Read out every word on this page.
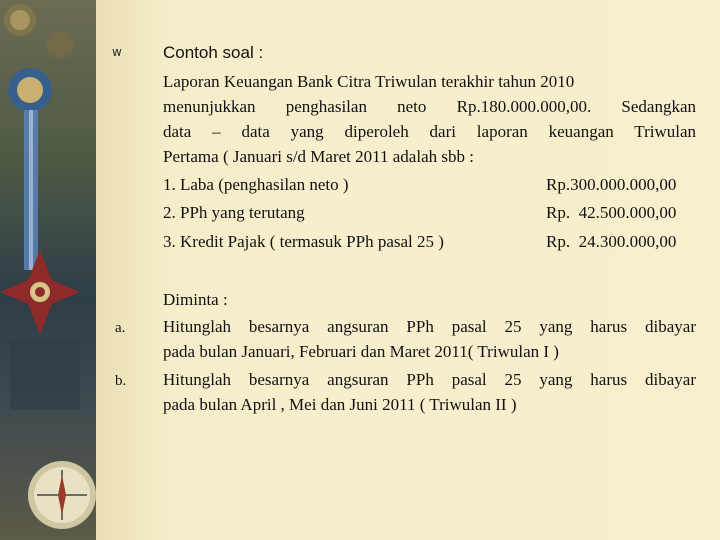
w Contoh soal :
Laporan Keuangan Bank Citra Triwulan terakhir tahun 2010
menunjukkan penghasilan neto Rp.180.000.000,00. Sedangkan
data – data yang diperoleh dari laporan keuangan Triwulan
Pertama ( Januari s/d Maret 2011 adalah sbb :
1. Laba (penghasilan neto )	Rp.300.000.000,00
2. PPh yang terutang	Rp.  42.500.000,00
3. Kredit Pajak ( termasuk PPh pasal 25 )	Rp.  24.300.000,00
Diminta :
a. Hitunglah besarnya angsuran PPh pasal 25 yang harus dibayar
pada bulan Januari, Februari dan Maret 2011( Triwulan I )
b. Hitunglah besarnya angsuran PPh pasal 25 yang harus dibayar
pada bulan April , Mei dan Juni 2011 ( Triwulan II )
